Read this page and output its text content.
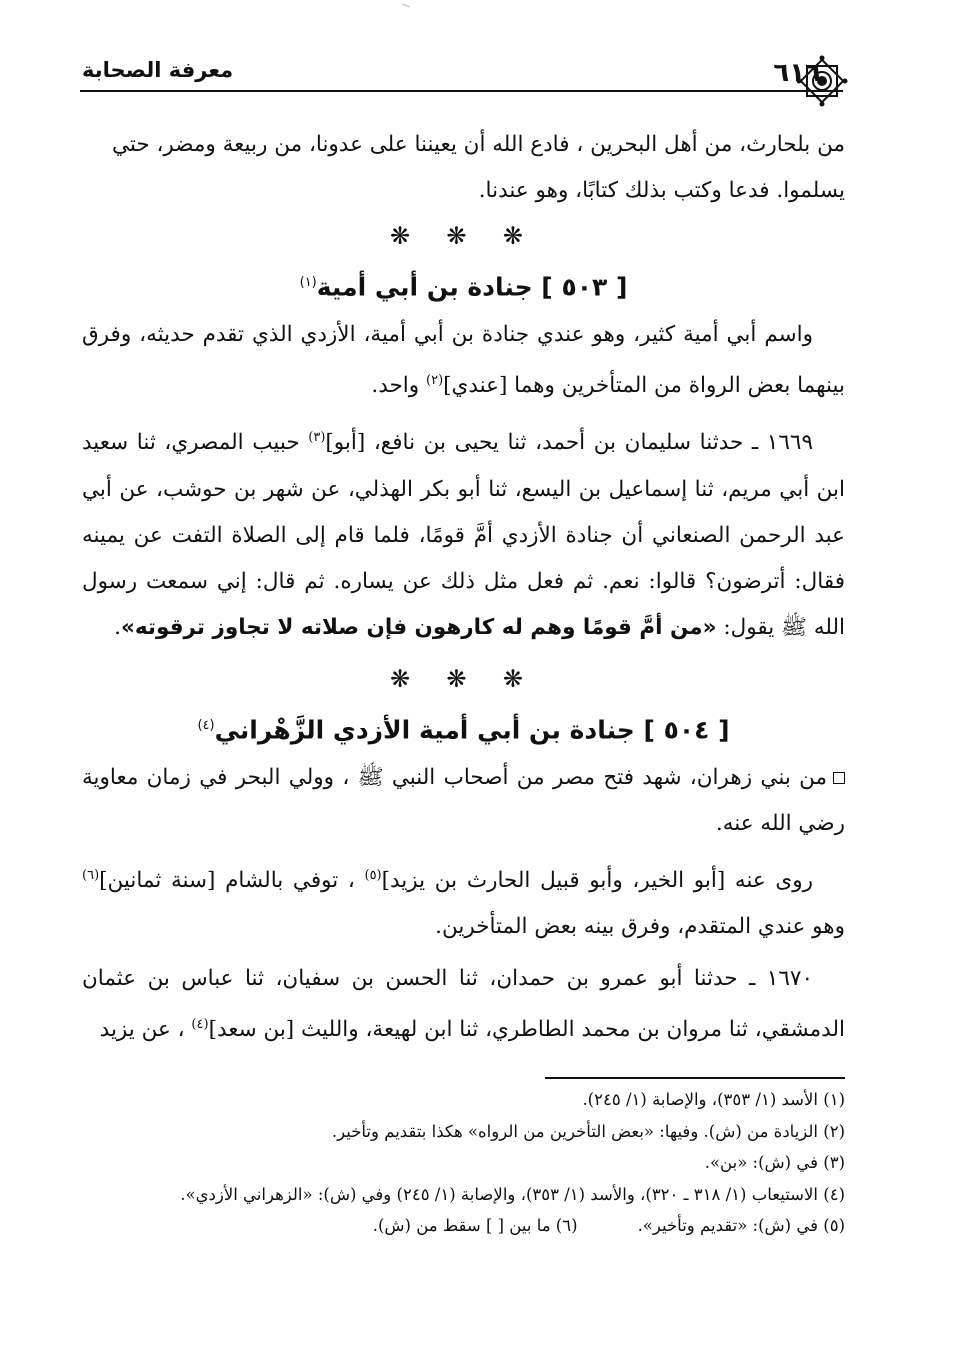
٦١٦
معرفة الصحابة

من بلحارث، من أهل البحرين ، فادع الله أن يعيننا على عدونا، من ربيعة ومضر، حتي
يسلموا. فدعا وكتب بذلك كتابًا، وهو عندنا.

❋ ❋ ❋
[ ٥٠٣ ] جنادة بن أبي أمية$^{(١)}$

واسم أبي أمية كثير، وهو عندي جنادة بن أبي أمية، الأزدي الذي تقدم حديثه، وفرق بينهما بعض الرواة من المتأخرين وهما [عندي]$^{(٢)}$ واحد.

١٦٦٩ ـ حدثنا سليمان بن أحمد، ثنا يحيى بن نافع، [أبو]$^{(٣)}$ حبيب المصري، ثنا سعيد ابن أبي مريم، ثنا إسماعيل بن اليسع، ثنا أبو بكر الهذلي، عن شهر بن حوشب، عن أبي عبد الرحمن الصنعاني أن جنادة الأزدي أمَّ قومًا، فلما قام إلى الصلاة التفت عن يمينه فقال: أترضون؟ قالوا: نعم. ثم فعل مثل ذلك عن يساره. ثم قال: إني سمعت رسول الله ﷺ يقول: «من أمَّ قومًا وهم له كارهون فإن صلاته لا تجاوز ترقوته».

❋ ❋ ❋
[ ٥٠٤ ] جنادة بن أبي أمية الأزدي الزَّهْراني$^{(٤)}$

من بني زهران، شهد فتح مصر من أصحاب النبي ﷺ ، وولي البحر في زمان معاوية رضي الله عنه.

روى عنه [أبو الخير، وأبو قبيل الحارث بن يزيد]$^{(٥)}$ ، توفي بالشام [سنة ثمانين]$^{(٦)}$ وهو عندي المتقدم، وفرق بينه بعض المتأخرين.

١٦٧٠ ـ حدثنا أبو عمرو بن حمدان، ثنا الحسن بن سفيان، ثنا عباس بن عثمان الدمشقي، ثنا مروان بن محمد الطاطري، ثنا ابن لهيعة، والليث [بن سعد]$^{(٤)}$ ، عن يزيد

(١) الأسد (١/ ٣٥٣)، والإصابة (١/ ٢٤٥).

(٢) الزيادة من (ش). وفيها: «بعض التأخرين من الرواه» هكذا بتقديم وتأخير.

(٣) في (ش): «بن».

(٤) الاستيعاب (١/ ٣١٨ ـ ٣٢٠)، والأسد (١/ ٣٥٣)، والإصابة (١/ ٢٤٥) وفي (ش): «الزهراني الأزدي».

(٥) في (ش): «تقديم وتأخير».(٦) ما بين [ ] سقط من (ش).
